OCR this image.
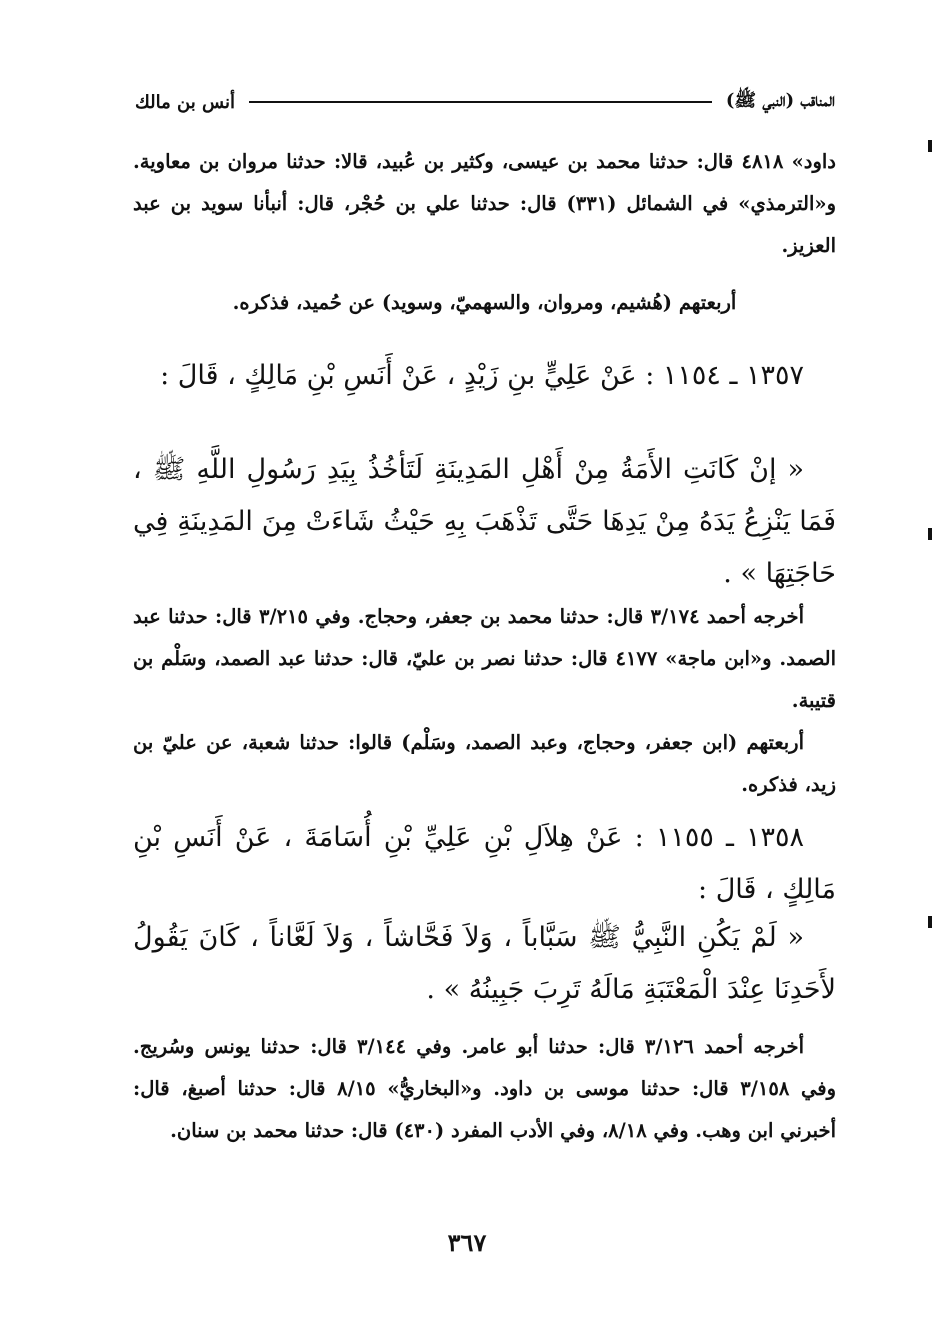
المناقب (النبي ﷺ)
أنس بن مالك

داود» ٤٨١٨ قال: حدثنا محمد بن عيسى، وكثير بن عُبيد، قالا: حدثنا مروان بن معاوية. و«الترمذي» في الشمائل (٣٣١) قال: حدثنا علي بن حُجْر، قال: أنبأنا سويد بن عبد العزيز.

أربعتهم (هُشيم، ومروان، والسهميّ، وسويد) عن حُميد، فذكره.

١٣٥٧ ـ ١١٥٤ : عَنْ عَلِيٍّ بنِ زَيْدٍ ، عَنْ أَنَسِ بْنِ مَالِكٍ ، قَالَ :

« إنْ كَانَتِ الأَمَةُ مِنْ أَهْلِ المَدِينَةِ لَتَأخُذُ بِيَدِ رَسُولِ اللَّهِ ﷺ ، فَمَا يَنْزِعُ يَدَهُ مِنْ يَدِهَا حَتَّى تَذْهَبَ بِهِ حَيْثُ شَاءَتْ مِنَ المَدِينَةِ فِي حَاجَتِهَا » .

أخرجه أحمد ٣/١٧٤ قال: حدثنا محمد بن جعفر، وحجاج. وفي ٣/٢١٥ قال: حدثنا عبد الصمد. و«ابن ماجة» ٤١٧٧ قال: حدثنا نصر بن عليّ، قال: حدثنا عبد الصمد، وسَلْم بن قتيبة.

أربعتهم (ابن جعفر، وحجاج، وعبد الصمد، وسَلْم) قالوا: حدثنا شعبة، عن عليّ بن زيد، فذكره.

١٣٥٨ ـ ١١٥٥ : عَنْ هِلاَلِ بْنِ عَلِيِّ بْنِ أُسَامَةَ ، عَنْ أَنَسِ بْنِ مَالِكٍ ، قَالَ :

« لَمْ يَكُنِ النَّبِيُّ ﷺ سَبَّاباً ، وَلاَ فَحَّاشاً ، وَلاَ لَعَّاناً ، كَانَ يَقُولُ لأَحَدِنَا عِنْدَ الْمَعْتَبَةِ مَالَهُ تَرِبَ جَبِينُهُ » .

أخرجه أحمد ٣/١٢٦ قال: حدثنا أبو عامر. وفي ٣/١٤٤ قال: حدثنا يونس وسُريج. وفي ٣/١٥٨ قال: حدثنا موسى بن داود. و«البخاريُّ» ٨/١٥ قال: حدثنا أصبغ، قال: أخبرني ابن وهب. وفي ٨/١٨، وفي الأدب المفرد (٤٣٠) قال: حدثنا محمد بن سنان.

٣٦٧
